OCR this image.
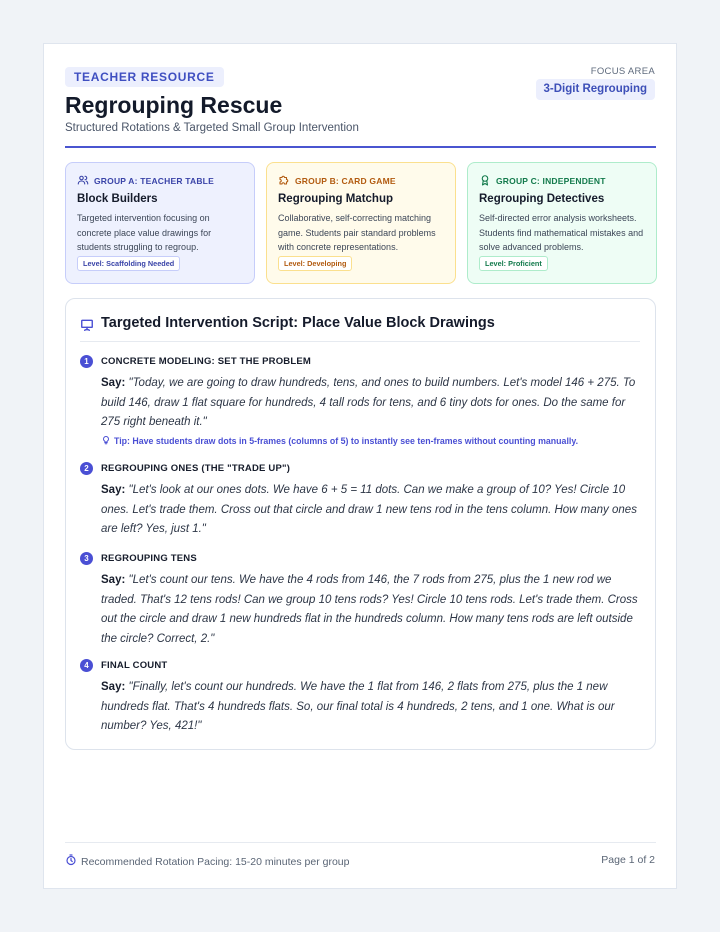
TEACHER RESOURCE
Regrouping Rescue
Structured Rotations & Targeted Small Group Intervention
FOCUS AREA
3-Digit Regrouping
GROUP A: TEACHER TABLE
Block Builders
Targeted intervention focusing on concrete place value drawings for students struggling to regroup.
Level: Scaffolding Needed
GROUP B: CARD GAME
Regrouping Matchup
Collaborative, self-correcting matching game. Students pair standard problems with concrete representations.
Level: Developing
GROUP C: INDEPENDENT
Regrouping Detectives
Self-directed error analysis worksheets. Students find mathematical mistakes and solve advanced problems.
Level: Proficient
Targeted Intervention Script: Place Value Block Drawings
1	CONCRETE MODELING: SET THE PROBLEM
Say: "Today, we are going to draw hundreds, tens, and ones to build numbers. Let's model 146 + 275. To build 146, draw 1 flat square for hundreds, 4 tall rods for tens, and 6 tiny dots for ones. Do the same for 275 right beneath it."
Tip: Have students draw dots in 5-frames (columns of 5) to instantly see ten-frames without counting manually.
2	REGROUPING ONES (THE "TRADE UP")
Say: "Let's look at our ones dots. We have 6 + 5 = 11 dots. Can we make a group of 10? Yes! Circle 10 ones. Let's trade them. Cross out that circle and draw 1 new tens rod in the tens column. How many ones are left? Yes, just 1."
3	REGROUPING TENS
Say: "Let's count our tens. We have the 4 rods from 146, the 7 rods from 275, plus the 1 new rod we traded. That's 12 tens rods! Can we group 10 tens rods? Yes! Circle 10 tens rods. Let's trade them. Cross out the circle and draw 1 new hundreds flat in the hundreds column. How many tens rods are left outside the circle? Correct, 2."
4	FINAL COUNT
Say: "Finally, let's count our hundreds. We have the 1 flat from 146, 2 flats from 275, plus the 1 new hundreds flat. That's 4 hundreds flats. So, our final total is 4 hundreds, 2 tens, and 1 one. What is our number? Yes, 421!"
Recommended Rotation Pacing: 15-20 minutes per group	Page 1 of 2
